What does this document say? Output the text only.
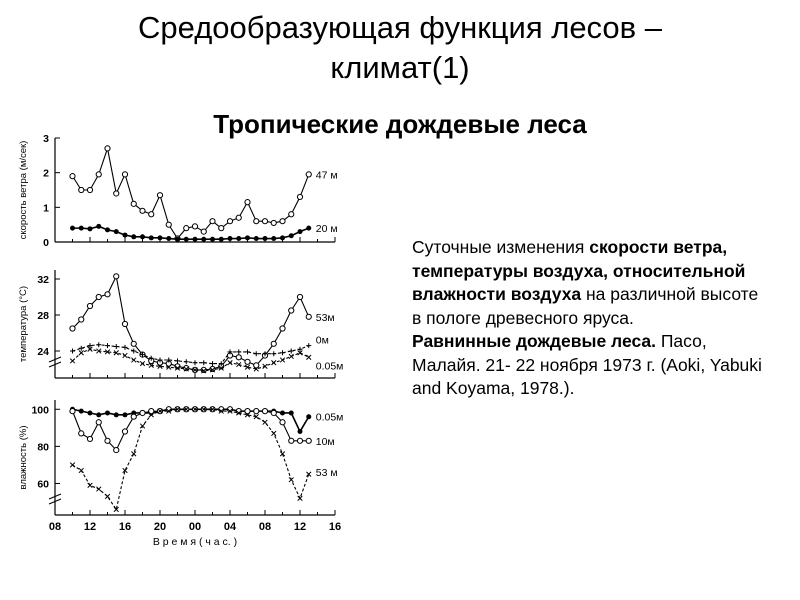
Средообразующая функция лесов –
климат(1)
Тропические дождевые леса
0
1
2
3
скорость ветра (м/сек)	47 м
20 м
24
28
32
температура (°С)	53м
0м
0.05м
60
80
100
влажность (%)
0.05м
10м
53 м
08 12 16 20 00 04 08 12 16
В р е м я ( ч а с. )
Суточные изменения скорости ветра, температуры воздуха, относительной влажности воздуха на различной высоте в пологе древесного яруса.
Равнинные дождевые леса. Пасо, Малайя. 21- 22 ноября 1973 г. (Aoki, Yabuki and Koyama, 1978.).
